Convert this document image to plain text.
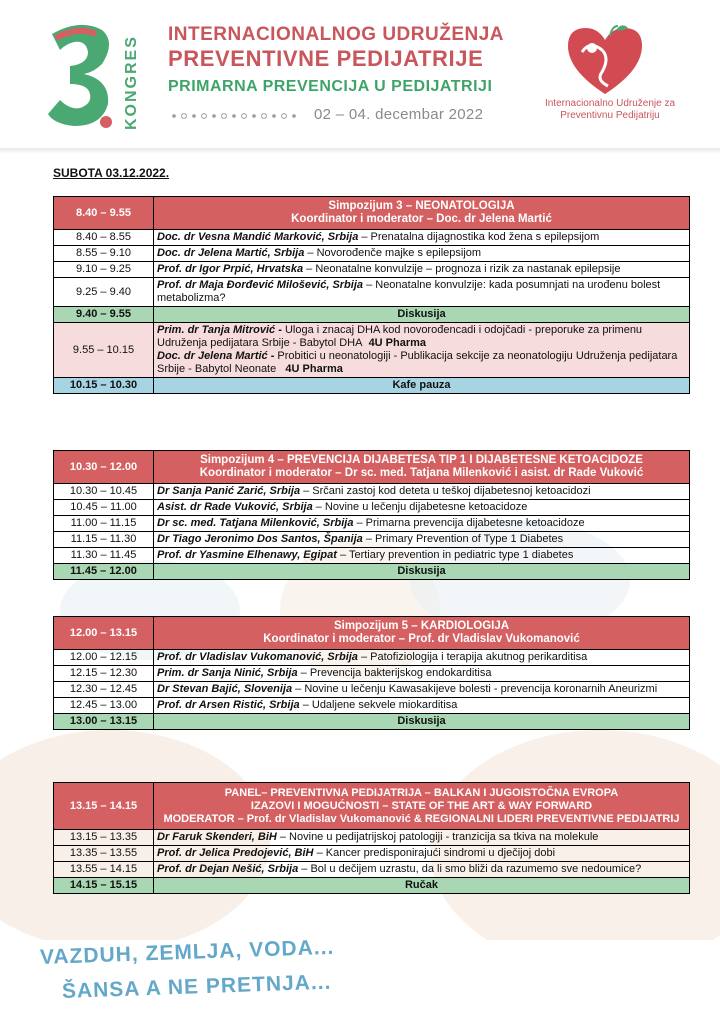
KONGRES
INTERNACIONALNOG UDRUŽENJA
PREVENTIVNE PEDIJATRIJE
PRIMARNA PREVENCIJA U PEDIJATRIJI
02 – 04. decembar 2022
Internacionalno Udruženje za
Preventivnu Pedijatriju
SUBOTA 03.12.2022.
8.40 – 9.55	Simpozijum 3 – NEONATOLOGIJA
Koordinator i moderator – Doc. dr Jelena Martić

8.40 – 8.55	Doc. dr Vesna Mandić Marković, Srbija – Prenatalna dijagnostika kod žena s epilepsijom
8.55 – 9.10	Doc. dr Jelena Martić, Srbija – Novorođenče majke s epilepsijom
9.10 – 9.25	Prof. dr Igor Prpić, Hrvatska – Neonatalne konvulzije – prognoza i rizik za nastanak epilepsije
9.25 – 9.40	Prof. dr Maja Đorđević Milošević, Srbija – Neonatalne konvulzije: kada posumnjati na urođenu bolest metabolizma?
9.40 – 9.55	Diskusija
9.55 – 10.15	Prim. dr Tanja Mitrović - Uloga i znacaj DHA kod novorođencadi i odojčadi - preporuke za primenu Udruženja pedijatara Srbije - Babytol DHA 4U Pharma
Doc. dr Jelena Martić - Probitici u neonatologiji - Publikacija sekcije za neonatologiju Udruženja pedijatara Srbije - Babytol Neonate 4U Pharma

10.15 – 10.30	Kafe pauza
10.30 – 12.00	Simpozijum 4 – PREVENCIJA DIJABETESA TIP 1 I DIJABETESNE KETOACIDOZE
Koordinator i moderator – Dr sc. med. Tatjana Milenković i asist. dr Rade Vuković

10.30 – 10.45	Dr Sanja Panić Zarić, Srbija – Srčani zastoj kod deteta u teškoj dijabetesnoj ketoacidozi
10.45 – 11.00	Asist. dr Rade Vuković, Srbija – Novine u lečenju dijabetesne ketoacidoze
11.00 – 11.15	Dr sc. med. Tatjana Milenković, Srbija – Primarna prevencija dijabetesne ketoacidoze
11.15 – 11.30	Dr Tiago Jeronimo Dos Santos, Španija – Primary Prevention of Type 1 Diabetes
11.30 – 11.45	Prof. dr Yasmine Elhenawy, Egipat – Tertiary prevention in pediatric type 1 diabetes
11.45 – 12.00	Diskusija
12.00 – 13.15	Simpozijum 5 – KARDIOLOGIJA
Koordinator i moderator – Prof. dr Vladislav Vukomanović

12.00 – 12.15	Prof. dr Vladislav Vukomanović, Srbija – Patofiziologija i terapija akutnog perikarditisa
12.15 – 12.30	Prim. dr Sanja Ninić, Srbija – Prevencija bakterijskog endokarditisa
12.30 – 12.45	Dr Stevan Bajić, Slovenija – Novine u lečenju Kawasakijeve bolesti - prevencija koronarnih Aneurizmi
12.45 – 13.00	Prof. dr Arsen Ristić, Srbija – Udaljene sekvele miokarditisa
13.00 – 13.15	Diskusija
13.15 – 14.15	PANEL– PREVENTIVNA PEDIJATRIJA – BALKAN I JUGOISTOČNA EVROPA
IZAZOVI I MOGUĆNOSTI – STATE OF THE ART & WAY FORWARD
MODERATOR – Prof. dr Vladislav Vukomanović & REGIONALNI LIDERI PREVENTIVNE PEDIJATRIJ

13.15 – 13.35	Dr Faruk Skenderi, BiH – Novine u pedijatrijskoj patologiji - tranzicija sa tkiva na molekule
13.35 – 13.55	Prof. dr Jelica Predojević, BiH – Kancer predisponirajući sindromi u dječijoj dobi
13.55 – 14.15	Prof. dr Dejan Nešić, Srbija – Bol u dečijem uzrastu, da li smo bliži da razumemo sve nedoumice?
14.15 – 15.15	Ručak
VAZDUH, ZEMLJA, VODA...
ŠANSA A NE PRETNJA...
